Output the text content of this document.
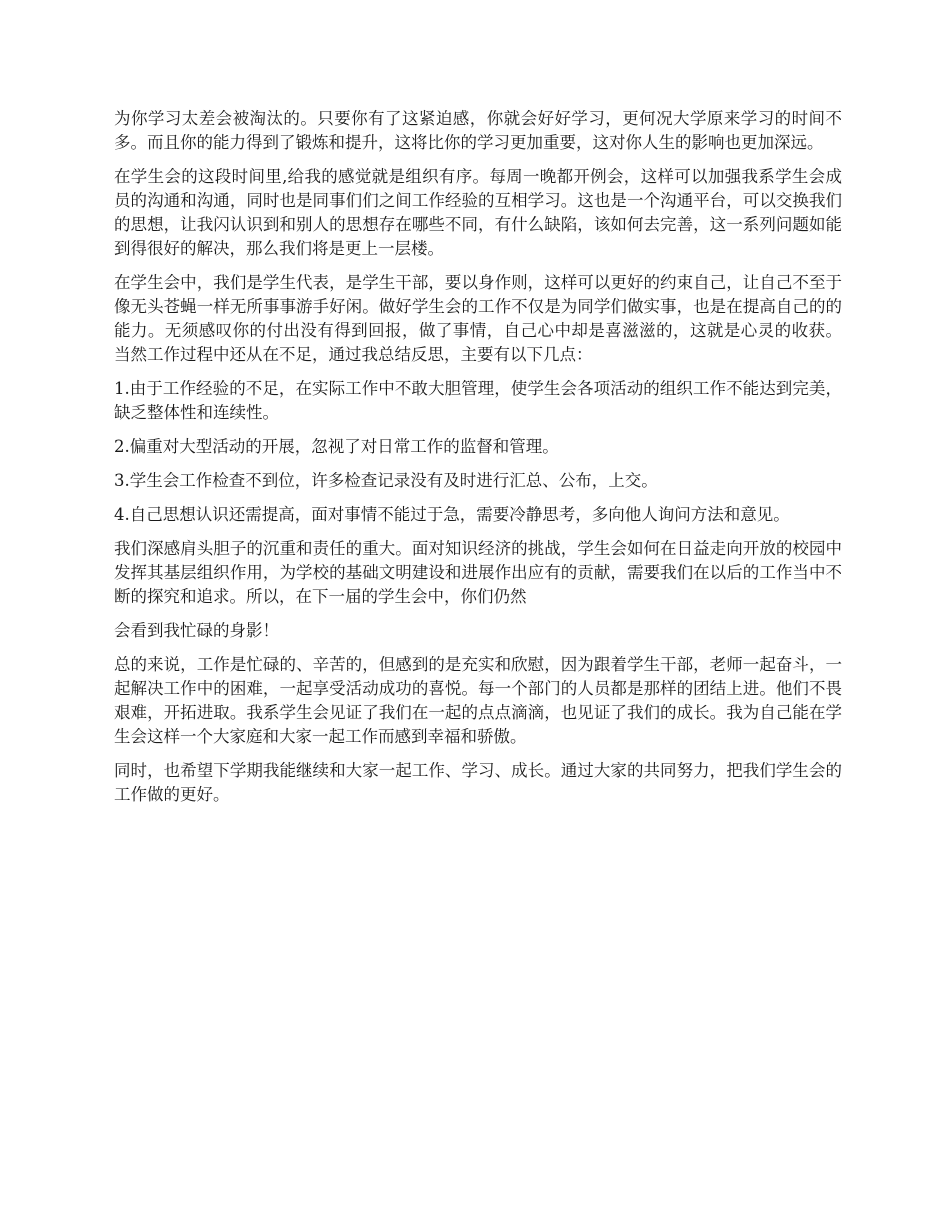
为你学习太差会被淘汰的。只要你有了这紧迫感，你就会好好学习，更何况大学原来学习的时间不多。而且你的能力得到了锻炼和提升，这将比你的学习更加重要，这对你人生的影响也更加深远。

在学生会的这段时间里,给我的感觉就是组织有序。每周一晚都开例会，这样可以加强我系学生会成员的沟通和沟通，同时也是同事们们之间工作经验的互相学习。这也是一个沟通平台，可以交换我们的思想，让我闪认识到和别人的思想存在哪些不同，有什么缺陷，该如何去完善，这一系列问题如能到得很好的解决，那么我们将是更上一层楼。

在学生会中，我们是学生代表，是学生干部，要以身作则，这样可以更好的约束自己，让自己不至于像无头苍蝇一样无所事事游手好闲。做好学生会的工作不仅是为同学们做实事，也是在提高自己的的能力。无须感叹你的付出没有得到回报，做了事情，自己心中却是喜滋滋的，这就是心灵的收获。 当然工作过程中还从在不足，通过我总结反思，主要有以下几点：

1.由于工作经验的不足，在实际工作中不敢大胆管理，使学生会各项活动的组织工作不能达到完美，缺乏整体性和连续性。

2.偏重对大型活动的开展，忽视了对日常工作的监督和管理。

3.学生会工作检查不到位，许多检查记录没有及时进行汇总、公布，上交。

4.自己思想认识还需提高，面对事情不能过于急，需要冷静思考，多向他人询问方法和意见。

我们深感肩头胆子的沉重和责任的重大。面对知识经济的挑战，学生会如何在日益走向开放的校园中发挥其基层组织作用，为学校的基础文明建设和进展作出应有的贡献，需要我们在以后的工作当中不断的探究和追求。所以，在下一届的学生会中，你们仍然

会看到我忙碌的身影！

总的来说，工作是忙碌的、辛苦的，但感到的是充实和欣慰，因为跟着学生干部，老师一起奋斗，一起解决工作中的困难，一起享受活动成功的喜悦。每一个部门的人员都是那样的团结上进。他们不畏艰难，开拓进取。我系学生会见证了我们在一起的点点滴滴，也见证了我们的成长。我为自己能在学生会这样一个大家庭和大家一起工作而感到幸福和骄傲。

同时，也希望下学期我能继续和大家一起工作、学习、成长。通过大家的共同努力，把我们学生会的工作做的更好。
